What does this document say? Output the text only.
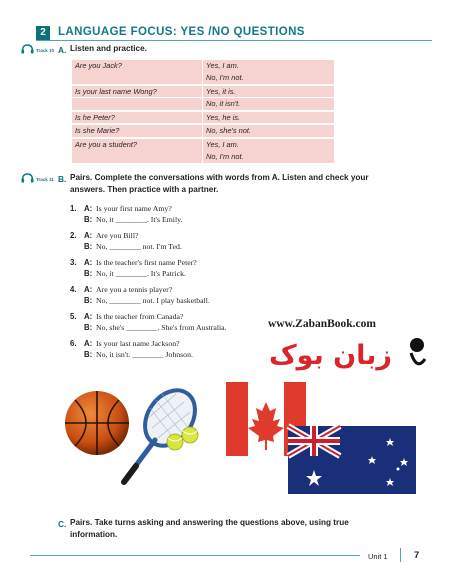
2	LANGUAGE FOCUS: YES /NO QUESTIONS
Track 10 A. Listen and practice.
Are you Jack?	Yes, I am.
No, I'm not.
Is your last name Wong?	Yes, it is.
No, it isn't.
Is he Peter?	Yes, he is.
Is she Marie?	No, she's not.
Are you a student?	Yes, I am.
No, I'm not.
Track 11 B. Pairs. Complete the conversations with words from A. Listen and check your
answers. Then practice with a partner.
1. A: Is your first name Amy?
B: No, it ________. It's Emily.
2. A: Are you Bill?
B: No, ________ not. I'm Ted.
3. A: Is the teacher's first name Peter?
B: No, it ________. It's Patrick.
4. A: Are you a tennis player?
B: No, ________ not. I play basketball.
5. A: Is the teacher from Canada?
B: No, she's ________. She's from Australia.
6. A: Is your last name Jackson?
B: No, it isn't. ________ Johnson.
www.ZabanBook.com
زبان بوک
C. Pairs. Take turns asking and answering the questions above, using true
information.
Unit 1	7
